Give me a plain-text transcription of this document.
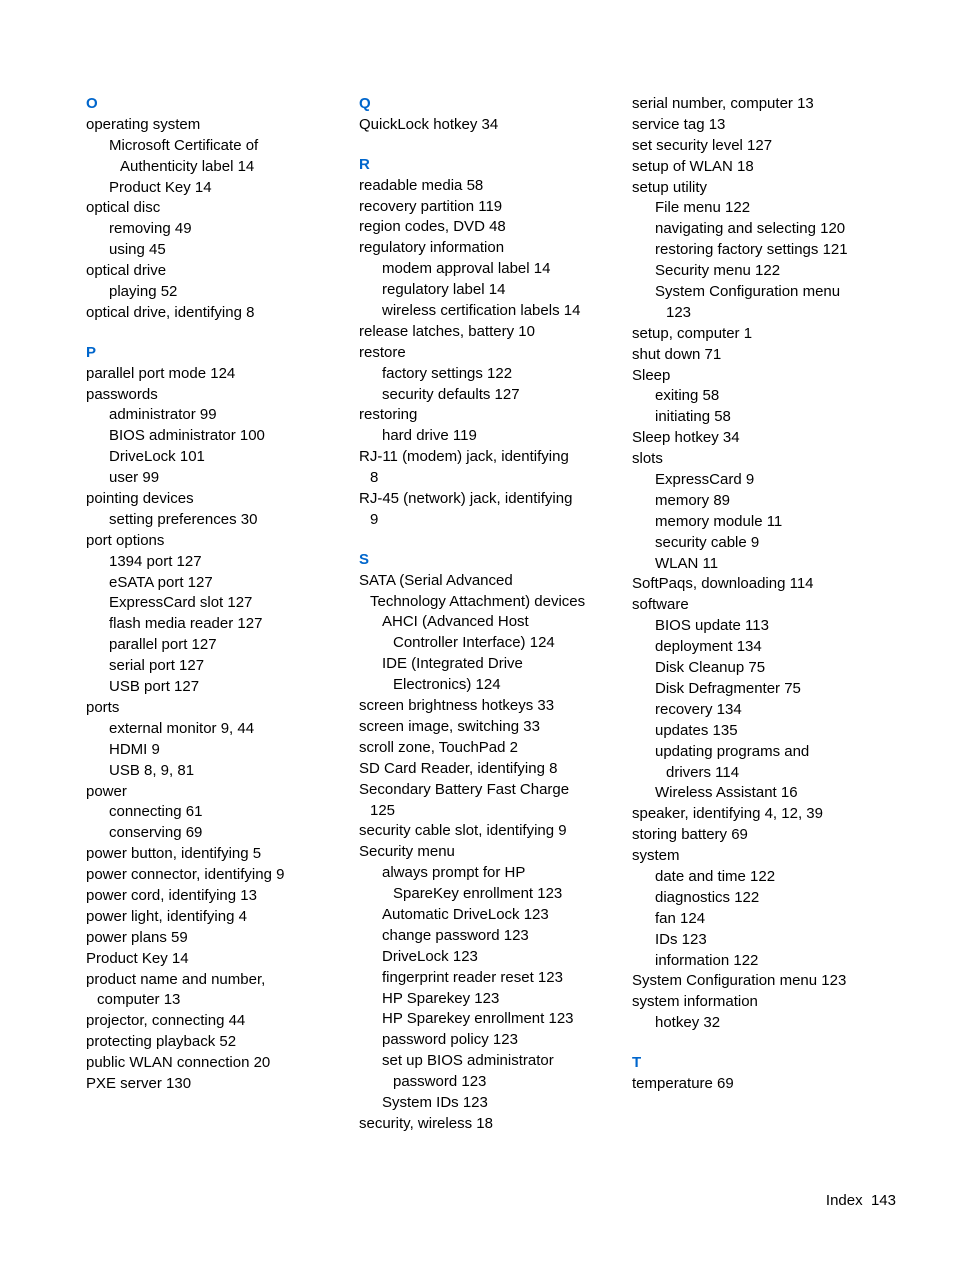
O
operating system
Microsoft Certificate of
Authenticity label 14
Product Key 14
optical disc
removing 49
using 45
optical drive
playing 52
optical drive, identifying 8
P
parallel port mode 124
passwords
administrator 99
BIOS administrator 100
DriveLock 101
user 99
pointing devices
setting preferences 30
port options
1394 port 127
eSATA port 127
ExpressCard slot 127
flash media reader 127
parallel port 127
serial port 127
USB port 127
ports
external monitor 9, 44
HDMI 9
USB 8, 9, 81
power
connecting 61
conserving 69
power button, identifying 5
power connector, identifying 9
power cord, identifying 13
power light, identifying 4
power plans 59
Product Key 14
product name and number,
computer 13
projector, connecting 44
protecting playback 52
public WLAN connection 20
PXE server 130
Q
QuickLock hotkey 34
R
readable media 58
recovery partition 119
region codes, DVD 48
regulatory information
modem approval label 14
regulatory label 14
wireless certification labels 14
release latches, battery 10
restore
factory settings 122
security defaults 127
restoring
hard drive 119
RJ-11 (modem) jack, identifying
8
RJ-45 (network) jack, identifying
9
S
SATA (Serial Advanced
Technology Attachment) devices
AHCI (Advanced Host
Controller Interface) 124
IDE (Integrated Drive
Electronics) 124
screen brightness hotkeys 33
screen image, switching 33
scroll zone, TouchPad 2
SD Card Reader, identifying 8
Secondary Battery Fast Charge
125
security cable slot, identifying 9
Security menu
always prompt for HP
SpareKey enrollment 123
Automatic DriveLock 123
change password 123
DriveLock 123
fingerprint reader reset 123
HP Sparekey 123
HP Sparekey enrollment 123
password policy 123
set up BIOS administrator
password 123
System IDs 123
security, wireless 18
serial number, computer 13
service tag 13
set security level 127
setup of WLAN 18
setup utility
File menu 122
navigating and selecting 120
restoring factory settings 121
Security menu 122
System Configuration menu
123
setup, computer 1
shut down 71
Sleep
exiting 58
initiating 58
Sleep hotkey 34
slots
ExpressCard 9
memory 89
memory module 11
security cable 9
WLAN 11
SoftPaqs, downloading 114
software
BIOS update 113
deployment 134
Disk Cleanup 75
Disk Defragmenter 75
recovery 134
updates 135
updating programs and
drivers 114
Wireless Assistant 16
speaker, identifying 4, 12, 39
storing battery 69
system
date and time 122
diagnostics 122
fan 124
IDs 123
information 122
System Configuration menu 123
system information
hotkey 32
T
temperature 69
Index 143
